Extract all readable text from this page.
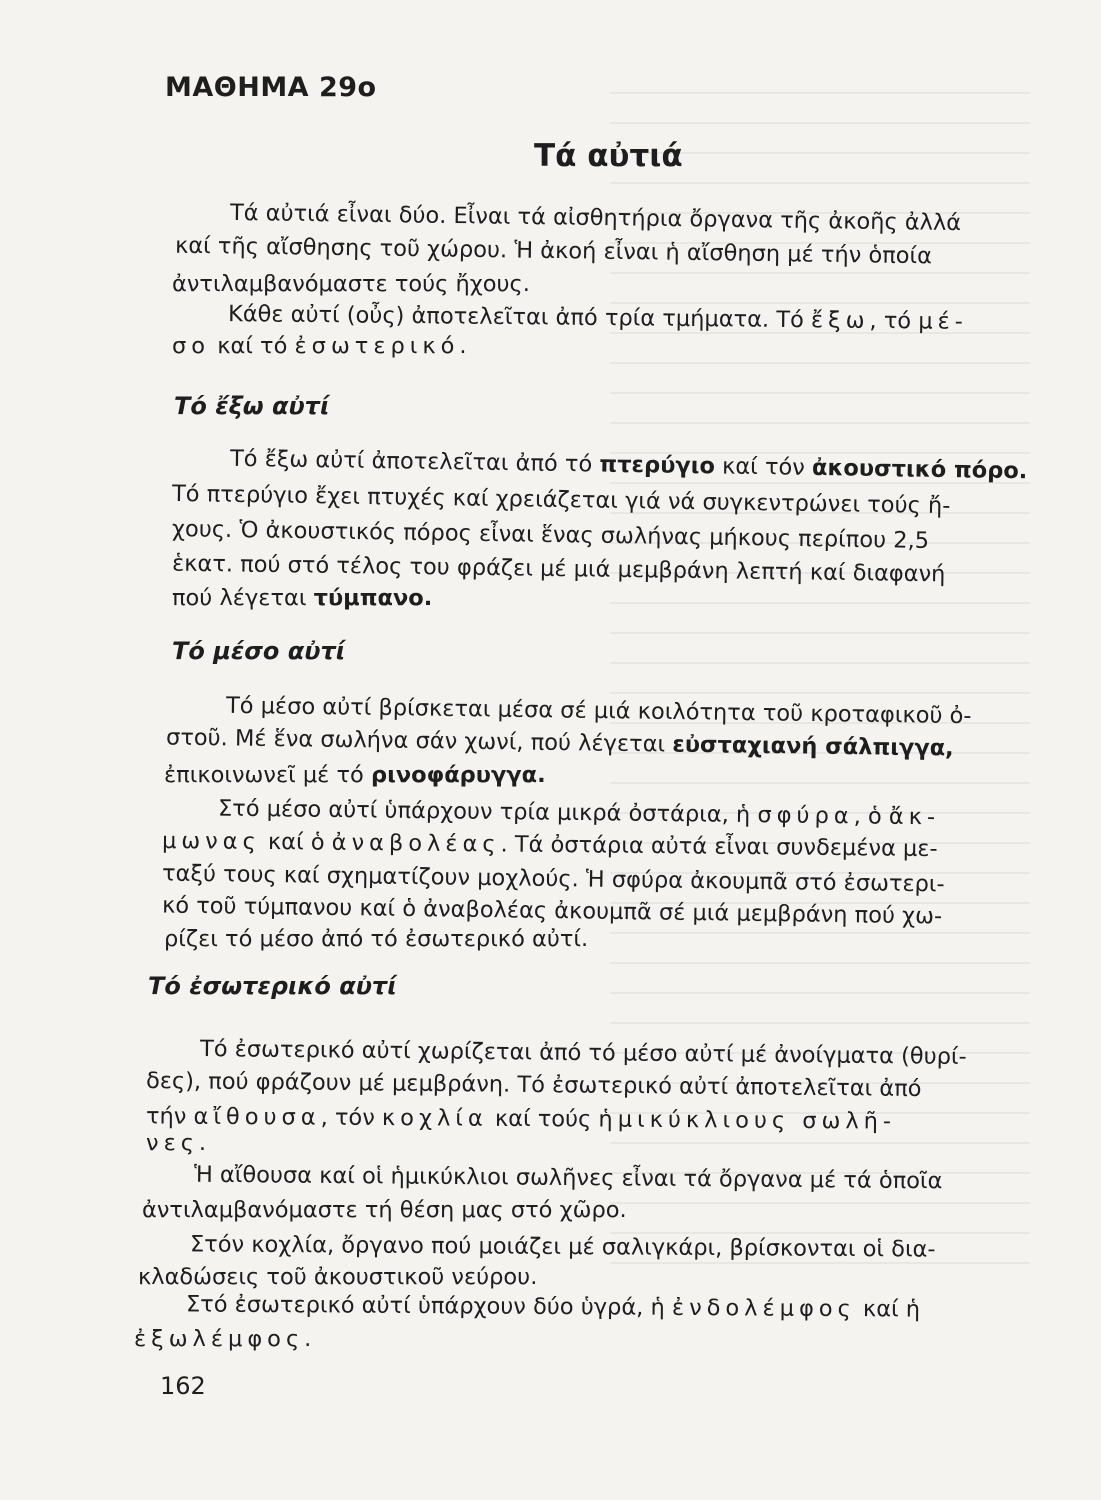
ΜΑΘΗΜΑ 29ο
Τά αὐτιά
Τά αὐτιά εἶναι δύο. Εἶναι τά αἰσθητήρια ὄργανα τῆς ἀκοῆς ἀλλά
καί τῆς αἴσθησης τοῦ χώρου. Ἡ ἀκοή εἶναι ἡ αἴσθηση μέ τήν ὁποία
ἀντιλαμβανόμαστε τούς ἤχους.
Κάθε αὐτί (οὖς) ἀποτελεῖται ἀπό τρία τμήματα. Τό ἔξω, τό μέ-
σο καί τό ἐσωτερικό.
Τό ἔξω αὐτί
Τό ἔξω αὐτί ἀποτελεῖται ἀπό τό πτερύγιο καί τόν ἀκουστικό πόρο.
Τό πτερύγιο ἔχει πτυχές καί χρειάζεται γιά νά συγκεντρώνει τούς ἤ-
χους. Ὁ ἀκουστικός πόρος εἶναι ἕνας σωλήνας μήκους περίπου 2,5
ἑκατ. πού στό τέλος του φράζει μέ μιά μεμβράνη λεπτή καί διαφανή
πού λέγεται τύμπανο.
Τό μέσο αὐτί
Τό μέσο αὐτί βρίσκεται μέσα σέ μιά κοιλότητα τοῦ κροταφικοῦ ὀ-
στοῦ. Μέ ἕνα σωλήνα σάν χωνί, πού λέγεται εὐσταχιανή σάλπιγγα,
ἐπικοινωνεῖ μέ τό ρινοφάρυγγα.
Στό μέσο αὐτί ὑπάρχουν τρία μικρά ὀστάρια, ἡ σφύρα, ὁ ἄκ-
μωνας καί ὁ ἀναβολέας. Τά ὀστάρια αὐτά εἶναι συνδεμένα με-
ταξύ τους καί σχηματίζουν μοχλούς. Ἡ σφύρα ἀκουμπᾶ στό ἐσωτερι-
κό τοῦ τύμπανου καί ὁ ἀναβολέας ἀκουμπᾶ σέ μιά μεμβράνη πού χω-
ρίζει τό μέσο ἀπό τό ἐσωτερικό αὐτί.
Τό ἐσωτερικό αὐτί
Τό ἐσωτερικό αὐτί χωρίζεται ἀπό τό μέσο αὐτί μέ ἀνοίγματα (θυρί-
δες), πού φράζουν μέ μεμβράνη. Τό ἐσωτερικό αὐτί ἀποτελεῖται ἀπό
τήν αἴθουσα, τόν κοχλία καί τούς ἡμικύκλιους σωλῆ-
νες.
Ἡ αἴθουσα καί οἱ ἡμικύκλιοι σωλῆνες εἶναι τά ὄργανα μέ τά ὁποῖα
ἀντιλαμβανόμαστε τή θέση μας στό χῶρο.
Στόν κοχλία, ὄργανο πού μοιάζει μέ σαλιγκάρι, βρίσκονται οἱ δια-
κλαδώσεις τοῦ ἀκουστικοῦ νεύρου.
Στό ἐσωτερικό αὐτί ὑπάρχουν δύο ὑγρά, ἡ ἐνδολέμφος καί ἡ
ἐξωλέμφος.
162
